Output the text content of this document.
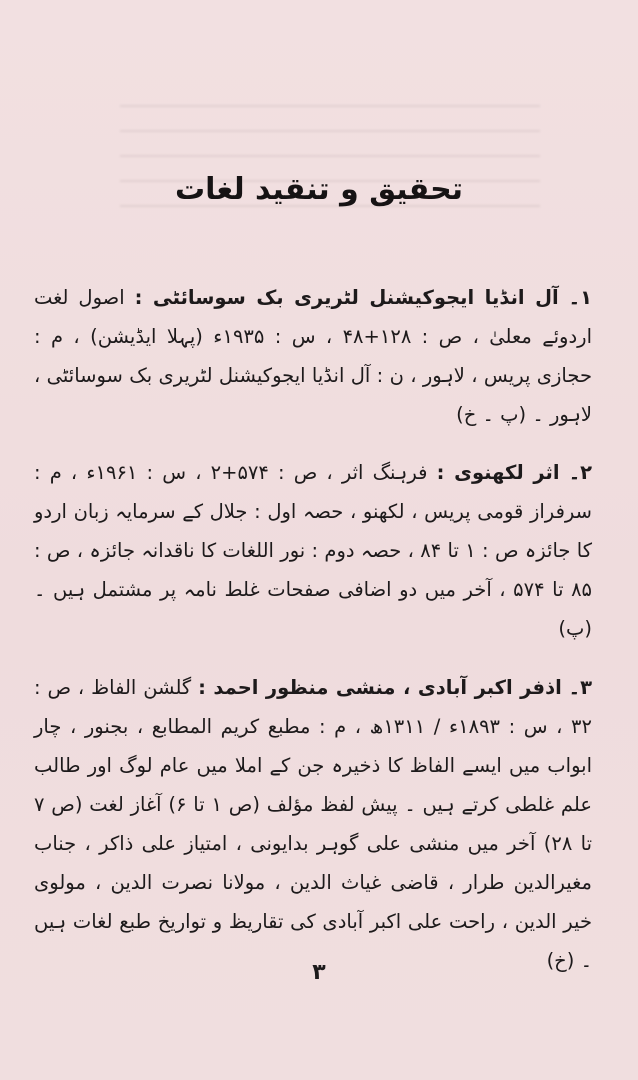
تحقیق و تنقید لغات

۱۔ آل انڈیا ایجوکیشنل لٹریری بک سوسائٹی : اصول لغت اردوئے معلیٰ ، ص : ۱۲۸+۴۸ ، س : ۱۹۳۵ء (پہلا ایڈیشن) ، م : حجازی پریس ، لاہور ، ن : آل انڈیا ایجوکیشنل لٹریری بک سوسائٹی ، لاہور ۔ (پ ۔ خ)

۲۔ اثر لکھنوی : فرہنگ اثر ، ص : ۵۷۴+۲ ، س : ۱۹۶۱ء ، م : سرفراز قومی پریس ، لکھنو ، حصہ اول : جلال کے سرمایہ زبان اردو کا جائزہ ص : ۱ تا ۸۴ ، حصہ دوم : نور اللغات کا ناقدانہ جائزہ ، ص : ۸۵ تا ۵۷۴ ، آخر میں دو اضافی صفحات غلط نامہ پر مشتمل ہیں ۔ (پ)

۳۔ اذفر اکبر آبادی ، منشی منظور احمد : گلشن الفاظ ، ص : ۳۲ ، س : ۱۸۹۳ء / ۱۳۱۱ھ ، م : مطبع کریم المطابع ، بجنور ، چار ابواب میں ایسے الفاظ کا ذخیرہ جن کے املا میں عام لوگ اور طالب علم غلطی کرتے ہیں ۔ پیش لفظ مؤلف (ص ۱ تا ۶) آغاز لغت (ص ۷ تا ۲۸) آخر میں منشی علی گوہر بدایونی ، امتیاز علی ذاکر ، جناب مغیرالدین طرار ، قاضی غیاث الدین ، مولانا نصرت الدین ، مولوی خیر الدین ، راحت علی اکبر آبادی کی تقاریظ و تواریخ طبع لغات ہیں ۔ (خ)

۳
